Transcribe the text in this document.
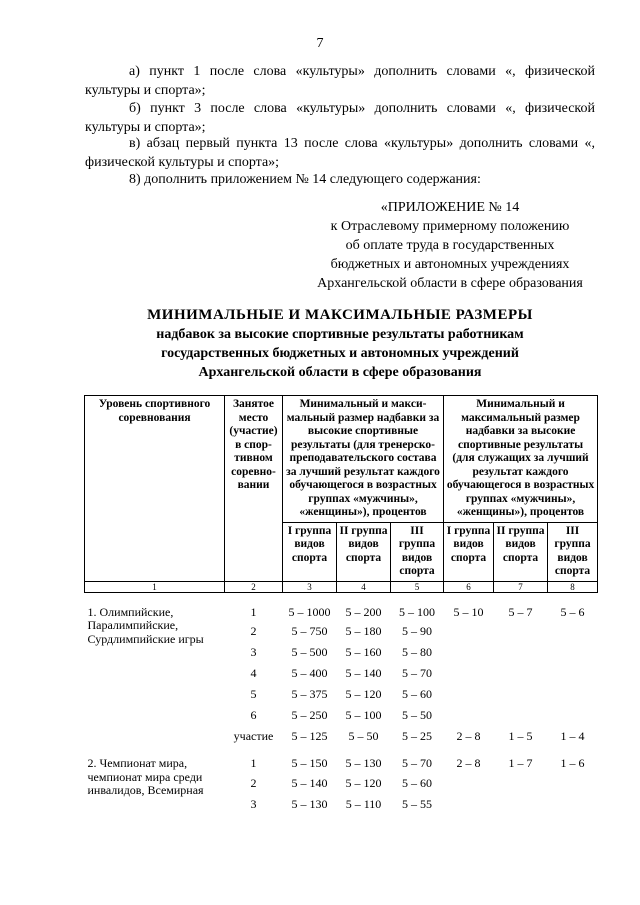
7
а) пункт 1 после слова «культуры» дополнить словами «, физической культуры и спорта»;
б) пункт 3 после слова «культуры» дополнить словами «, физической культуры и спорта»;
в) абзац первый пункта 13 после слова «культуры» дополнить словами «, физической культуры и спорта»;
8) дополнить приложением № 14 следующего содержания:
«ПРИЛОЖЕНИЕ № 14
к Отраслевому примерному положению
об оплате труда в государственных
бюджетных и автономных учреждениях
Архангельской области в сфере образования
МИНИМАЛЬНЫЕ И МАКСИМАЛЬНЫЕ РАЗМЕРЫ
надбавок за высокие спортивные результаты работникам
государственных бюджетных и автономных учреждений
Архангельской области в сфере образования
Уровень спортивного соревнования	Занятое место (участие) в спор-тивном соревно-вании	Минимальный и макси-мальный размер надбавки за высокие спортивные результаты (для тренерско-преподавательского состава за лучший результат каждого обучающегося в возрастных группах «мужчины», «женщины»), процентов			Минимальный и максимальный размер надбавки за высокие спортивные результаты (для служащих за лучший результат каждого обучающегося в возрастных группах «мужчины», «женщины»), процентов		
		I группа видов спорта	II группа видов спорта	III группа видов спорта	I группа видов спорта	II группа видов спорта	III группа видов спорта
1	2	3	4	5	6	7	8
1. Олимпийские, Паралимпийские, Сурдлимпийские игры	1	5 – 1000	5 – 200	5 – 100	5 – 10	5 – 7	5 – 6
	2	5 – 750	5 – 180	5 – 90			
	3	5 – 500	5 – 160	5 – 80			
	4	5 – 400	5 – 140	5 – 70			
	5	5 – 375	5 – 120	5 – 60			
	6	5 – 250	5 – 100	5 – 50			
	участие	5 – 125	5 – 50	5 – 25	2 – 8	1 – 5	1 – 4
2. Чемпионат мира, чемпионат мира среди инвалидов, Всемирная	1	5 – 150	5 – 130	5 – 70	2 – 8	1 – 7	1 – 6
	2	5 – 140	5 – 120	5 – 60			
	3	5 – 130	5 – 110	5 – 55			
